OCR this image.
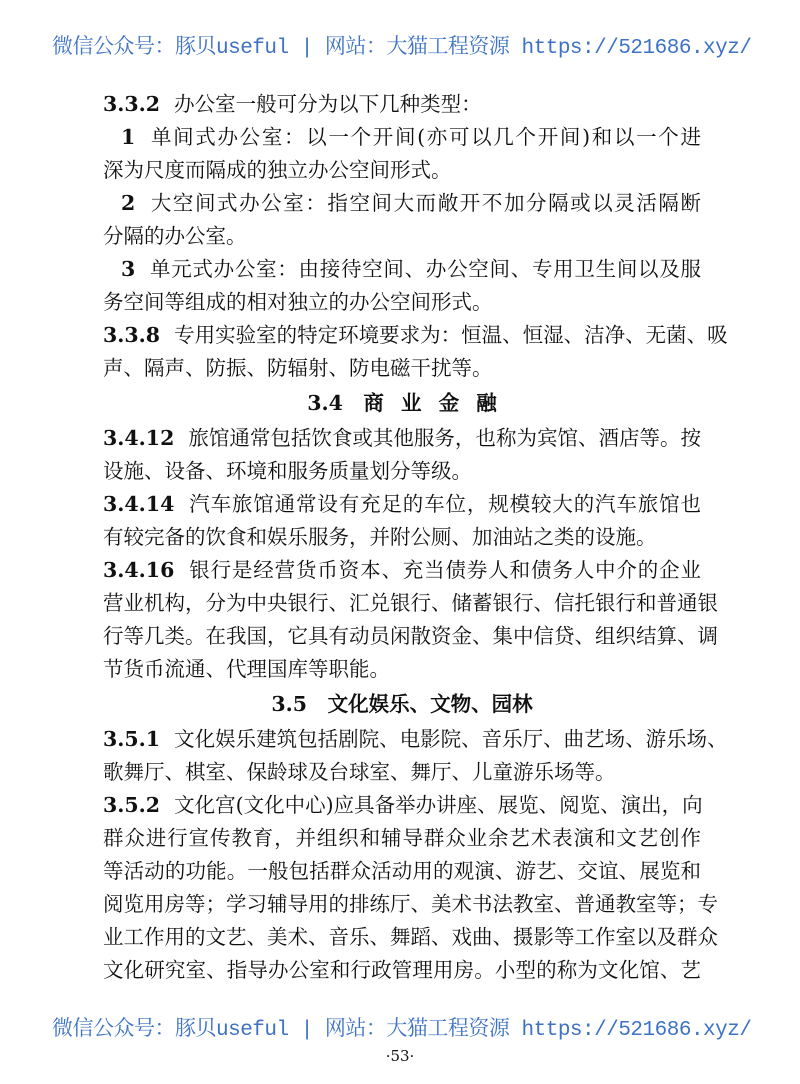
微信公众号：豚贝useful | 网站：大猫工程资源 https://521686.xyz/
3.3.2 办公室一般可分为以下几种类型：
1 单间式办公室：以一个开间(亦可以几个开间)和以一个进
深为尺度而隔成的独立办公空间形式。
2 大空间式办公室：指空间大而敞开不加分隔或以灵活隔断
分隔的办公室。
3 单元式办公室：由接待空间、办公空间、专用卫生间以及服
务空间等组成的相对独立的办公空间形式。
3.3.8 专用实验室的特定环境要求为：恒温、恒湿、洁净、无菌、吸
声、隔声、防振、防辐射、防电磁干扰等。
3.4　商 业 金 融
3.4.12 旅馆通常包括饮食或其他服务，也称为宾馆、酒店等。按
设施、设备、环境和服务质量划分等级。
3.4.14 汽车旅馆通常设有充足的车位，规模较大的汽车旅馆也
有较完备的饮食和娱乐服务，并附公厕、加油站之类的设施。
3.4.16 银行是经营货币资本、充当债券人和债务人中介的企业
营业机构，分为中央银行、汇兑银行、储蓄银行、信托银行和普通银
行等几类。在我国，它具有动员闲散资金、集中信贷、组织结算、调
节货币流通、代理国库等职能。
3.5　文化娱乐、文物、园林
3.5.1 文化娱乐建筑包括剧院、电影院、音乐厅、曲艺场、游乐场、
歌舞厅、棋室、保龄球及台球室、舞厅、儿童游乐场等。
3.5.2 文化宫(文化中心)应具备举办讲座、展览、阅览、演出，向
群众进行宣传教育，并组织和辅导群众业余艺术表演和文艺创作
等活动的功能。一般包括群众活动用的观演、游艺、交谊、展览和
阅览用房等；学习辅导用的排练厅、美术书法教室、普通教室等；专
业工作用的文艺、美术、音乐、舞蹈、戏曲、摄影等工作室以及群众
文化研究室、指导办公室和行政管理用房。小型的称为文化馆、艺
微信公众号：豚贝useful | 网站：大猫工程资源 https://521686.xyz/
·53·
